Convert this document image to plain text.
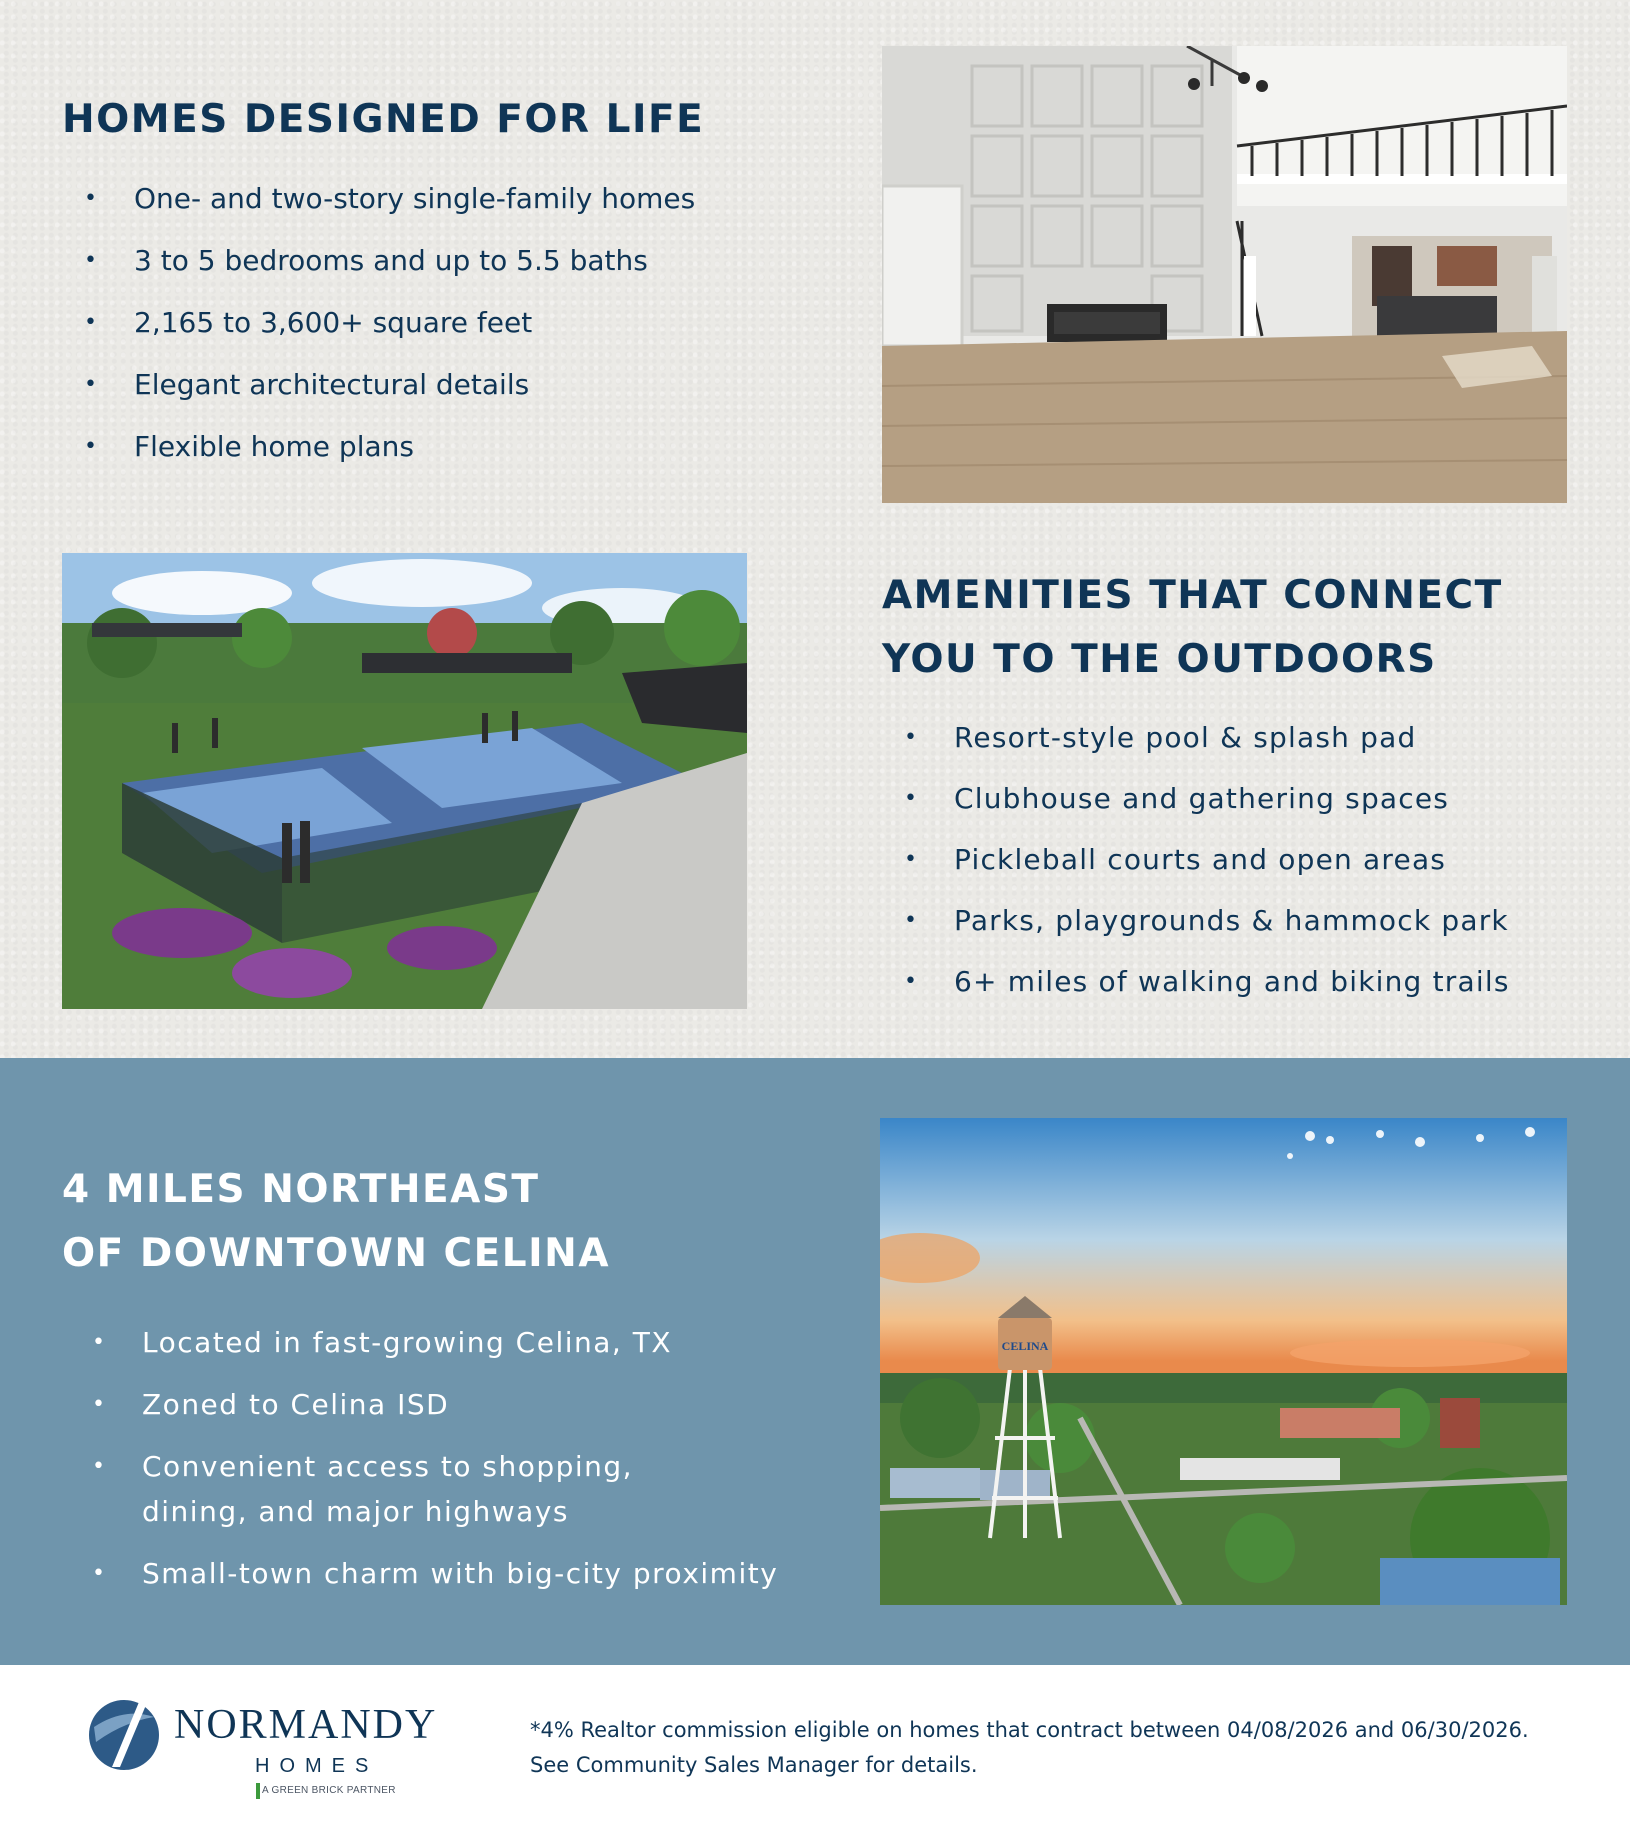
HOMES DESIGNED FOR LIFE
• One- and two-story single-family homes
• 3 to 5 bedrooms and up to 5.5 baths
• 2,165 to 3,600+ square feet
• Elegant architectural details
• Flexible home plans
AMENITIES THAT CONNECT
YOU TO THE OUTDOORS
• Resort-style pool & splash pad
• Clubhouse and gathering spaces
• Pickleball courts and open areas
• Parks, playgrounds & hammock park
• 6+ miles of walking and biking trails
4 MILES NORTHEAST
OF DOWNTOWN CELINA
• Located in fast-growing Celina, TX
• Zoned to Celina ISD
• Convenient access to shopping, dining, and major highways
• Small-town charm with big-city proximity
CELINA

NORMANDY

HOMES

A GREEN BRICK PARTNER

*4% Realtor commission eligible on homes that contract between 04/08/2026 and 06/30/2026.
See Community Sales Manager for details.
